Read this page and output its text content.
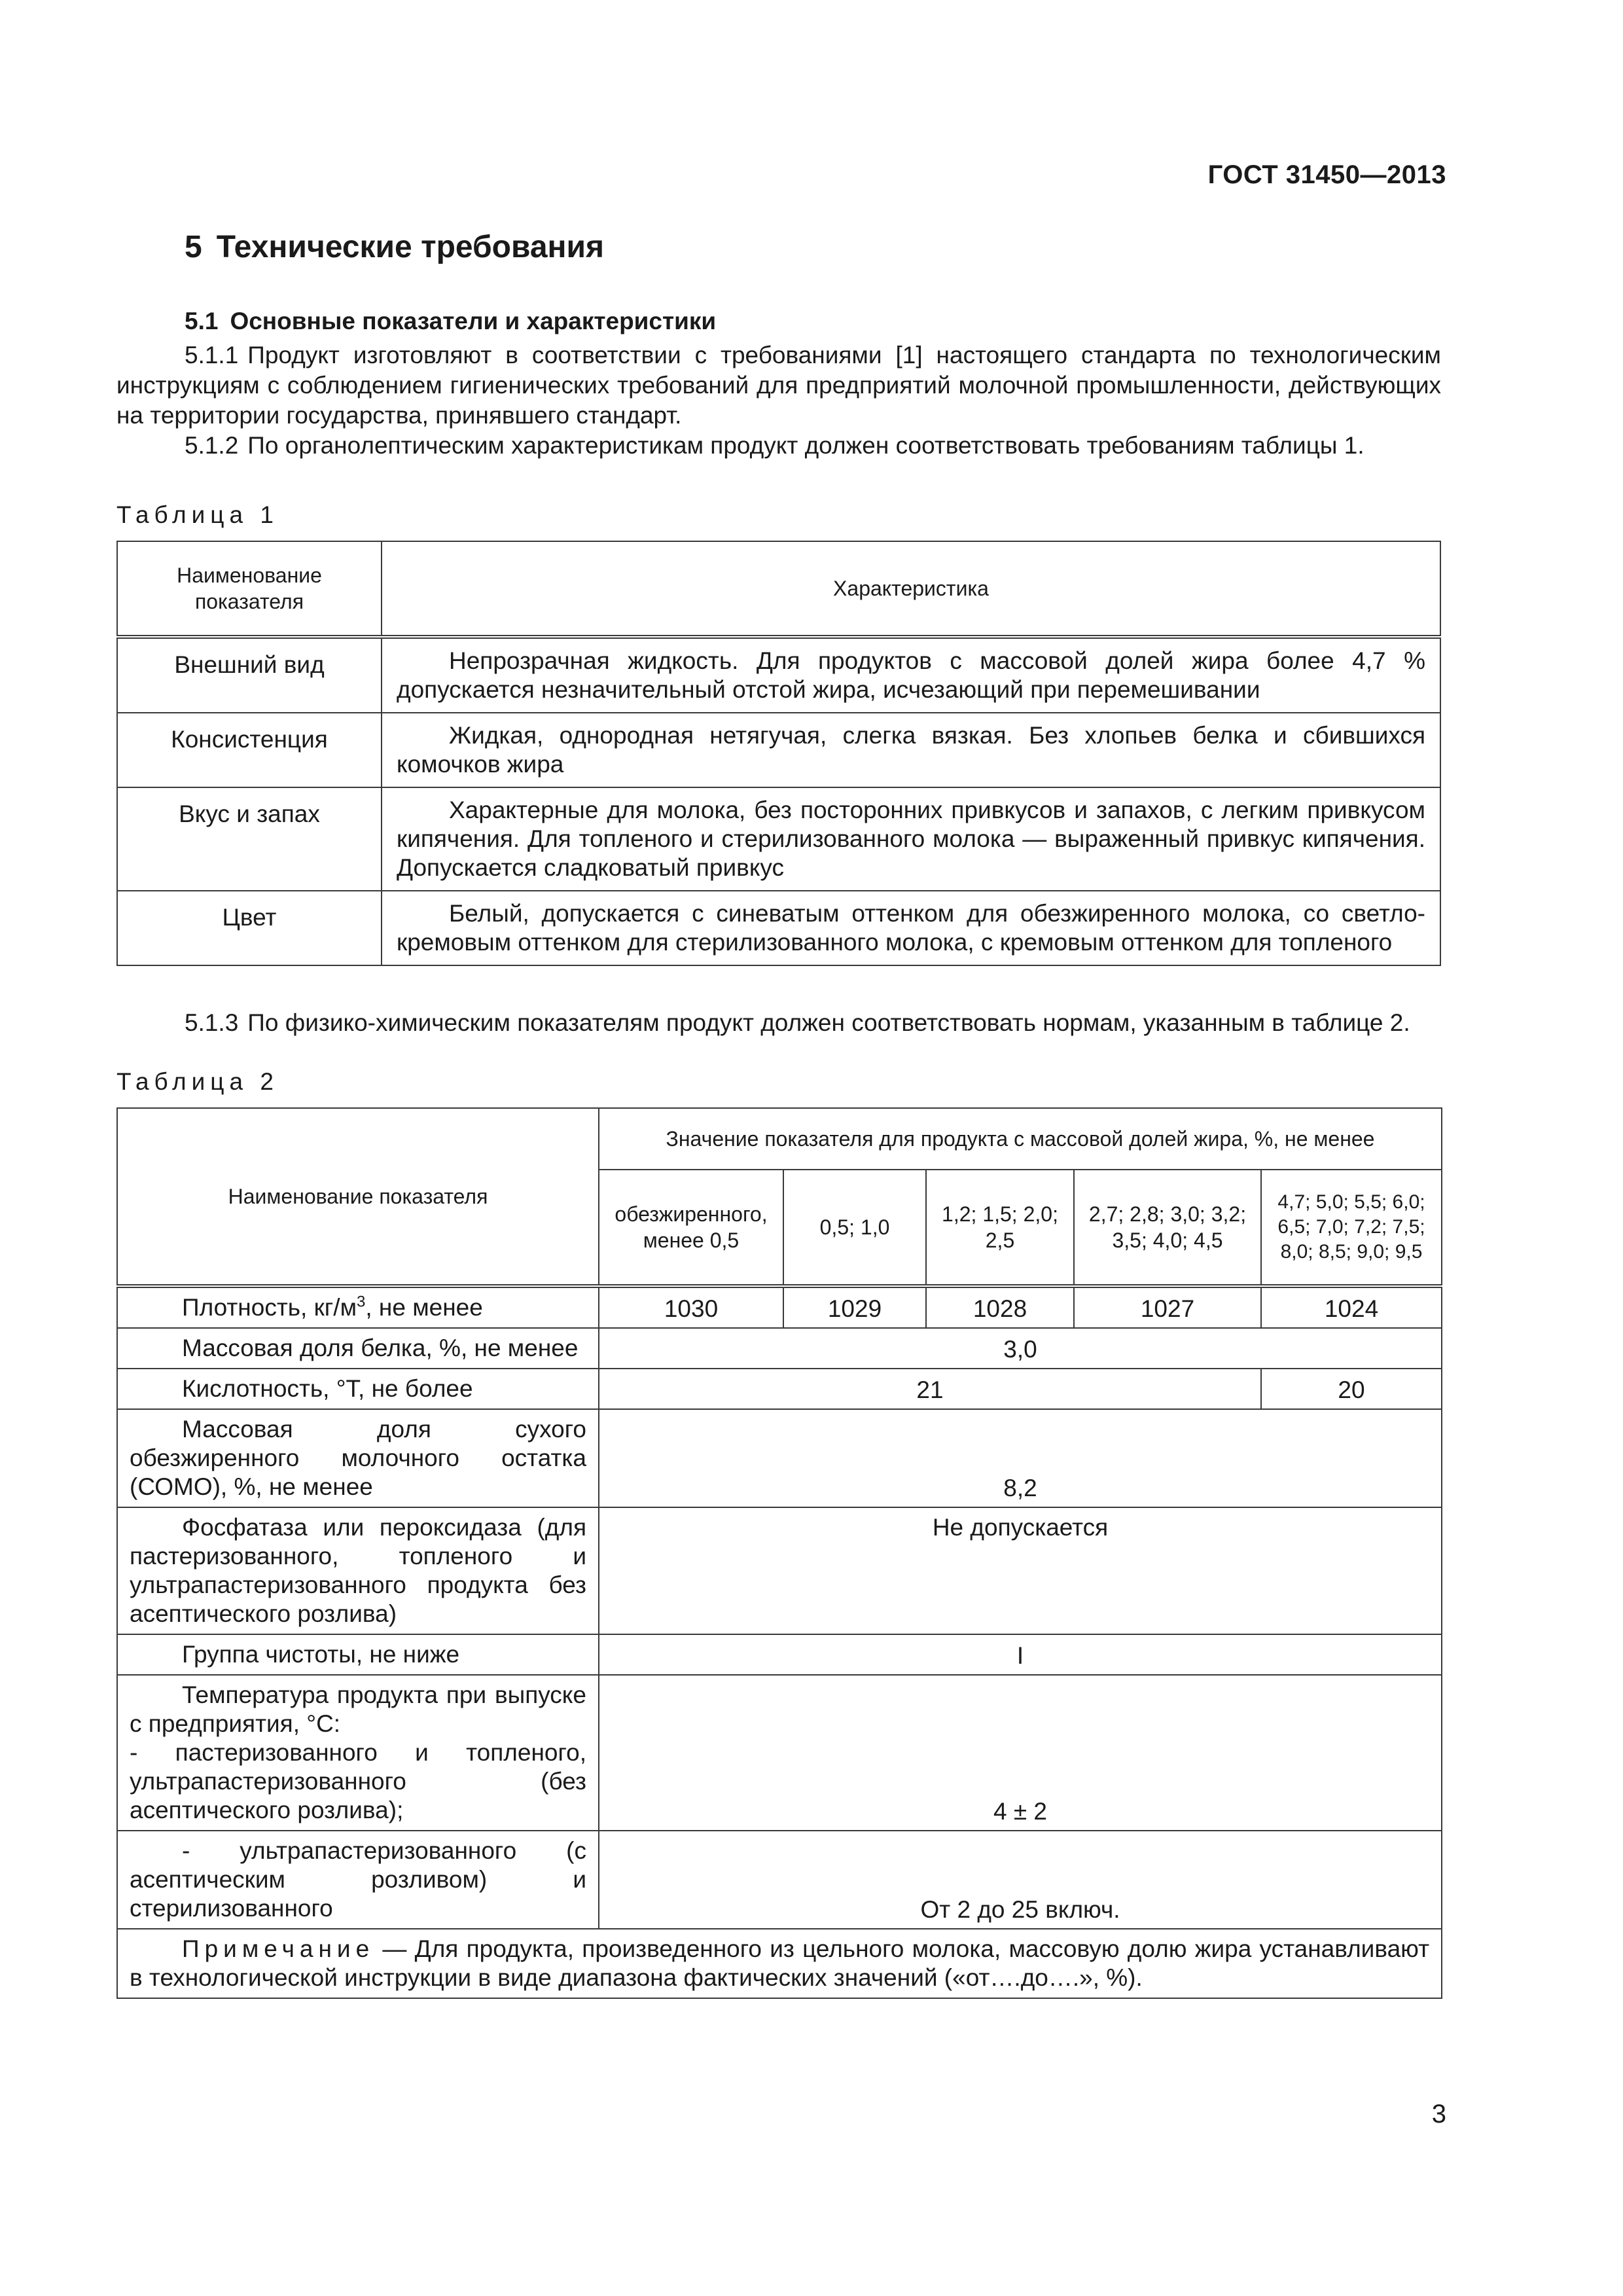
ГОСТ 31450—2013
5 Технические требования
5.1 Основные показатели и характеристики

5.1.1 Продукт изготовляют в соответствии с требованиями [1] настоящего стандарта по технологическим инструкциям с соблюдением гигиенических требований для предприятий молочной промышленности, действующих на территории государства, принявшего стандарт.

5.1.2 По органолептическим характеристикам продукт должен соответствовать требованиям таблицы 1.

Таблица 1
Наименование показателя	Характеристика
Внешний вид	Непрозрачная жидкость. Для продуктов с массовой долей жира более 4,7 % допускается незначительный отстой жира, исчезающий при перемешивании
Консистенция	Жидкая, однородная нетягучая, слегка вязкая. Без хлопьев белка и сбившихся комочков жира
Вкус и запах	Характерные для молока, без посторонних привкусов и запахов, с легким привкусом кипячения. Для топленого и стерилизованного молока — выраженный привкус кипячения. Допускается сладковатый привкус
Цвет	Белый, допускается с синеватым оттенком для обезжиренного молока, со светло-кремовым оттенком для стерилизованного молока, с кремовым оттенком для топленого

5.1.3 По физико-химическим показателям продукт должен соответствовать нормам, указанным в таблице 2.

Таблица 2
Наименование показателя	Значение показателя для продукта с массовой долей жира, %, не менее				
	обезжиренного, менее 0,5	0,5; 1,0	1,2; 1,5; 2,0; 2,5	2,7; 2,8; 3,0; 3,2; 3,5; 4,0; 4,5	4,7; 5,0; 5,5; 6,0; 6,5; 7,0; 7,2; 7,5; 8,0; 8,5; 9,0; 9,5
Плотность, $кг/м^3$, не менее	1030	1029	1028	1027	1024
Массовая доля белка, %, не менее	3,0				
Кислотность, °Т, не более	21				20
Массовая доля сухого обезжиренного молочного остатка (СОМО), %, не менее	8,2				
Фосфатаза или пероксидаза (для пастеризованного, топленого и ультрапастеризованного продукта без асептического розлива)	Не допускается				
Группа чистоты, не ниже	I				

Температура продукта при выпуске с предприятия, °С:
- пастеризованного и топленого, ультрапастеризованного (без асептического розлива);	4 ± 2				
- ультрапастеризованного (с асептическим розливом) и стерилизованного	От 2 до 25 включ.				
Примечание — Для продукта, произведенного из цельного молока, массовую долю жира устанавливают в технологической инструкции в виде диапазона фактических значений («от….до….», %).					
3
